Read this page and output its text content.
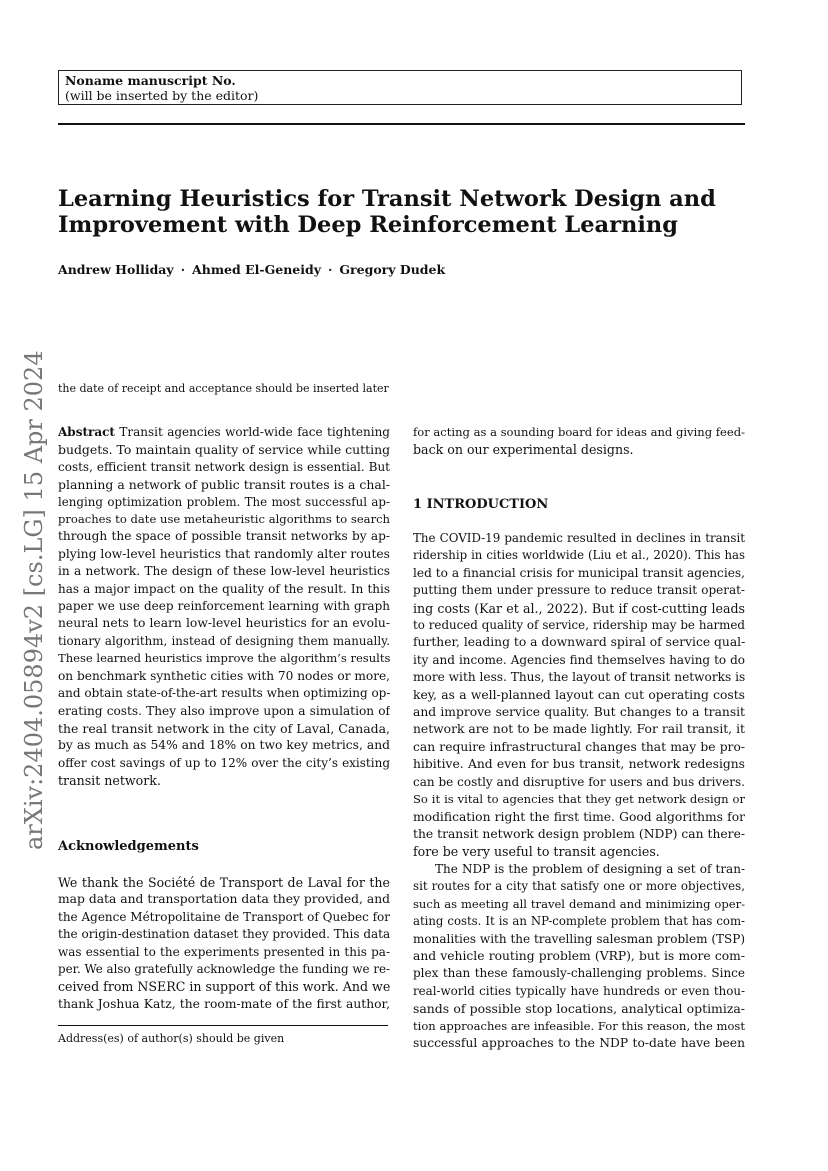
Noname manuscript No.
(will be inserted by the editor)
Learning Heuristics for Transit Network Design and
Improvement with Deep Reinforcement Learning
Andrew Holliday · Ahmed El-Geneidy · Gregory Dudek
arXiv:2404.05894v2 [cs.LG] 15 Apr 2024 the date of receipt and acceptance should be inserted later
Abstract Transit agencies world-wide face tightening
budgets. To maintain quality of service while cutting
costs, efficient transit network design is essential. But
planning a network of public transit routes is a chal-
lenging optimization problem. The most successful ap-
proaches to date use metaheuristic algorithms to search
through the space of possible transit networks by ap-
plying low-level heuristics that randomly alter routes
in a network. The design of these low-level heuristics
has a major impact on the quality of the result. In this
paper we use deep reinforcement learning with graph
neural nets to learn low-level heuristics for an evolu-
tionary algorithm, instead of designing them manually.
These learned heuristics improve the algorithm’s results
on benchmark synthetic cities with 70 nodes or more,
and obtain state-of-the-art results when optimizing op-
erating costs. They also improve upon a simulation of
the real transit network in the city of Laval, Canada,
by as much as 54% and 18% on two key metrics, and
offer cost savings of up to 12% over the city’s existing
transit network.
Acknowledgements
We thank the Société de Transport de Laval for the
map data and transportation data they provided, and
the Agence Métropolitaine de Transport of Quebec for
the origin-destination dataset they provided. This data
was essential to the experiments presented in this pa-
per. We also gratefully acknowledge the funding we re-
ceived from NSERC in support of this work. And we
thank Joshua Katz, the room-mate of the first author,
Address(es) of author(s) should be given
for acting as a sounding board for ideas and giving feed-
back on our experimental designs.
1 INTRODUCTION
The COVID-19 pandemic resulted in declines in transit
ridership in cities worldwide (Liu et al., 2020). This has
led to a financial crisis for municipal transit agencies,
putting them under pressure to reduce transit operat-
ing costs (Kar et al., 2022). But if cost-cutting leads
to reduced quality of service, ridership may be harmed
further, leading to a downward spiral of service qual-
ity and income. Agencies find themselves having to do
more with less. Thus, the layout of transit networks is
key, as a well-planned layout can cut operating costs
and improve service quality. But changes to a transit
network are not to be made lightly. For rail transit, it
can require infrastructural changes that may be pro-
hibitive. And even for bus transit, network redesigns
can be costly and disruptive for users and bus drivers.
So it is vital to agencies that they get network design or
modification right the first time. Good algorithms for
the transit network design problem (NDP) can there-
fore be very useful to transit agencies.
The NDP is the problem of designing a set of tran-
sit routes for a city that satisfy one or more objectives,
such as meeting all travel demand and minimizing oper-
ating costs. It is an NP-complete problem that has com-
monalities with the travelling salesman problem (TSP)
and vehicle routing problem (VRP), but is more com-
plex than these famously-challenging problems. Since
real-world cities typically have hundreds or even thou-
sands of possible stop locations, analytical optimiza-
tion approaches are infeasible. For this reason, the most
successful approaches to the NDP to-date have been
